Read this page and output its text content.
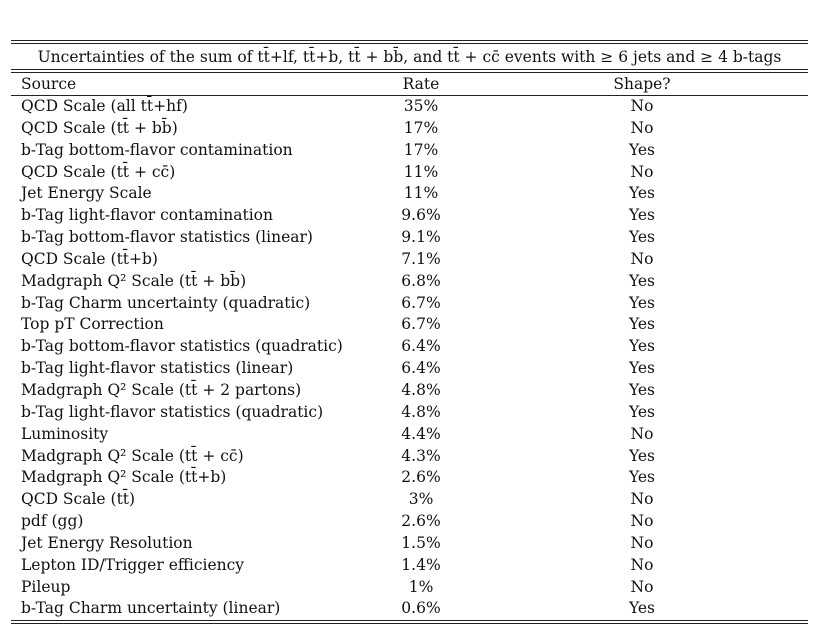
Uncertainties of the sum of tt̄+lf, tt̄+b, tt̄ + bb̄, and tt̄ + cc̄ events with ≥ 6 jets and ≥ 4 b-tags
Source	Rate	Shape?
QCD Scale (all tt̄+hf)	35%	No
QCD Scale (tt̄ + bb̄)	17%	No
b-Tag bottom-flavor contamination	17%	Yes
QCD Scale (tt̄ + cc̄)	11%	No
Jet Energy Scale	11%	Yes
b-Tag light-flavor contamination	9.6%	Yes
b-Tag bottom-flavor statistics (linear)	9.1%	Yes
QCD Scale (tt̄+b)	7.1%	No
Madgraph Q² Scale (tt̄ + bb̄)	6.8%	Yes
b-Tag Charm uncertainty (quadratic)	6.7%	Yes
Top pT Correction	6.7%	Yes
b-Tag bottom-flavor statistics (quadratic)	6.4%	Yes
b-Tag light-flavor statistics (linear)	6.4%	Yes
Madgraph Q² Scale (tt̄ + 2 partons)	4.8%	Yes
b-Tag light-flavor statistics (quadratic)	4.8%	Yes
Luminosity	4.4%	No
Madgraph Q² Scale (tt̄ + cc̄)	4.3%	Yes
Madgraph Q² Scale (tt̄+b)	2.6%	Yes
QCD Scale (tt̄)	3%	No
pdf (gg)	2.6%	No
Jet Energy Resolution	1.5%	No
Lepton ID/Trigger efficiency	1.4%	No
Pileup	1%	No
b-Tag Charm uncertainty (linear)	0.6%	Yes
